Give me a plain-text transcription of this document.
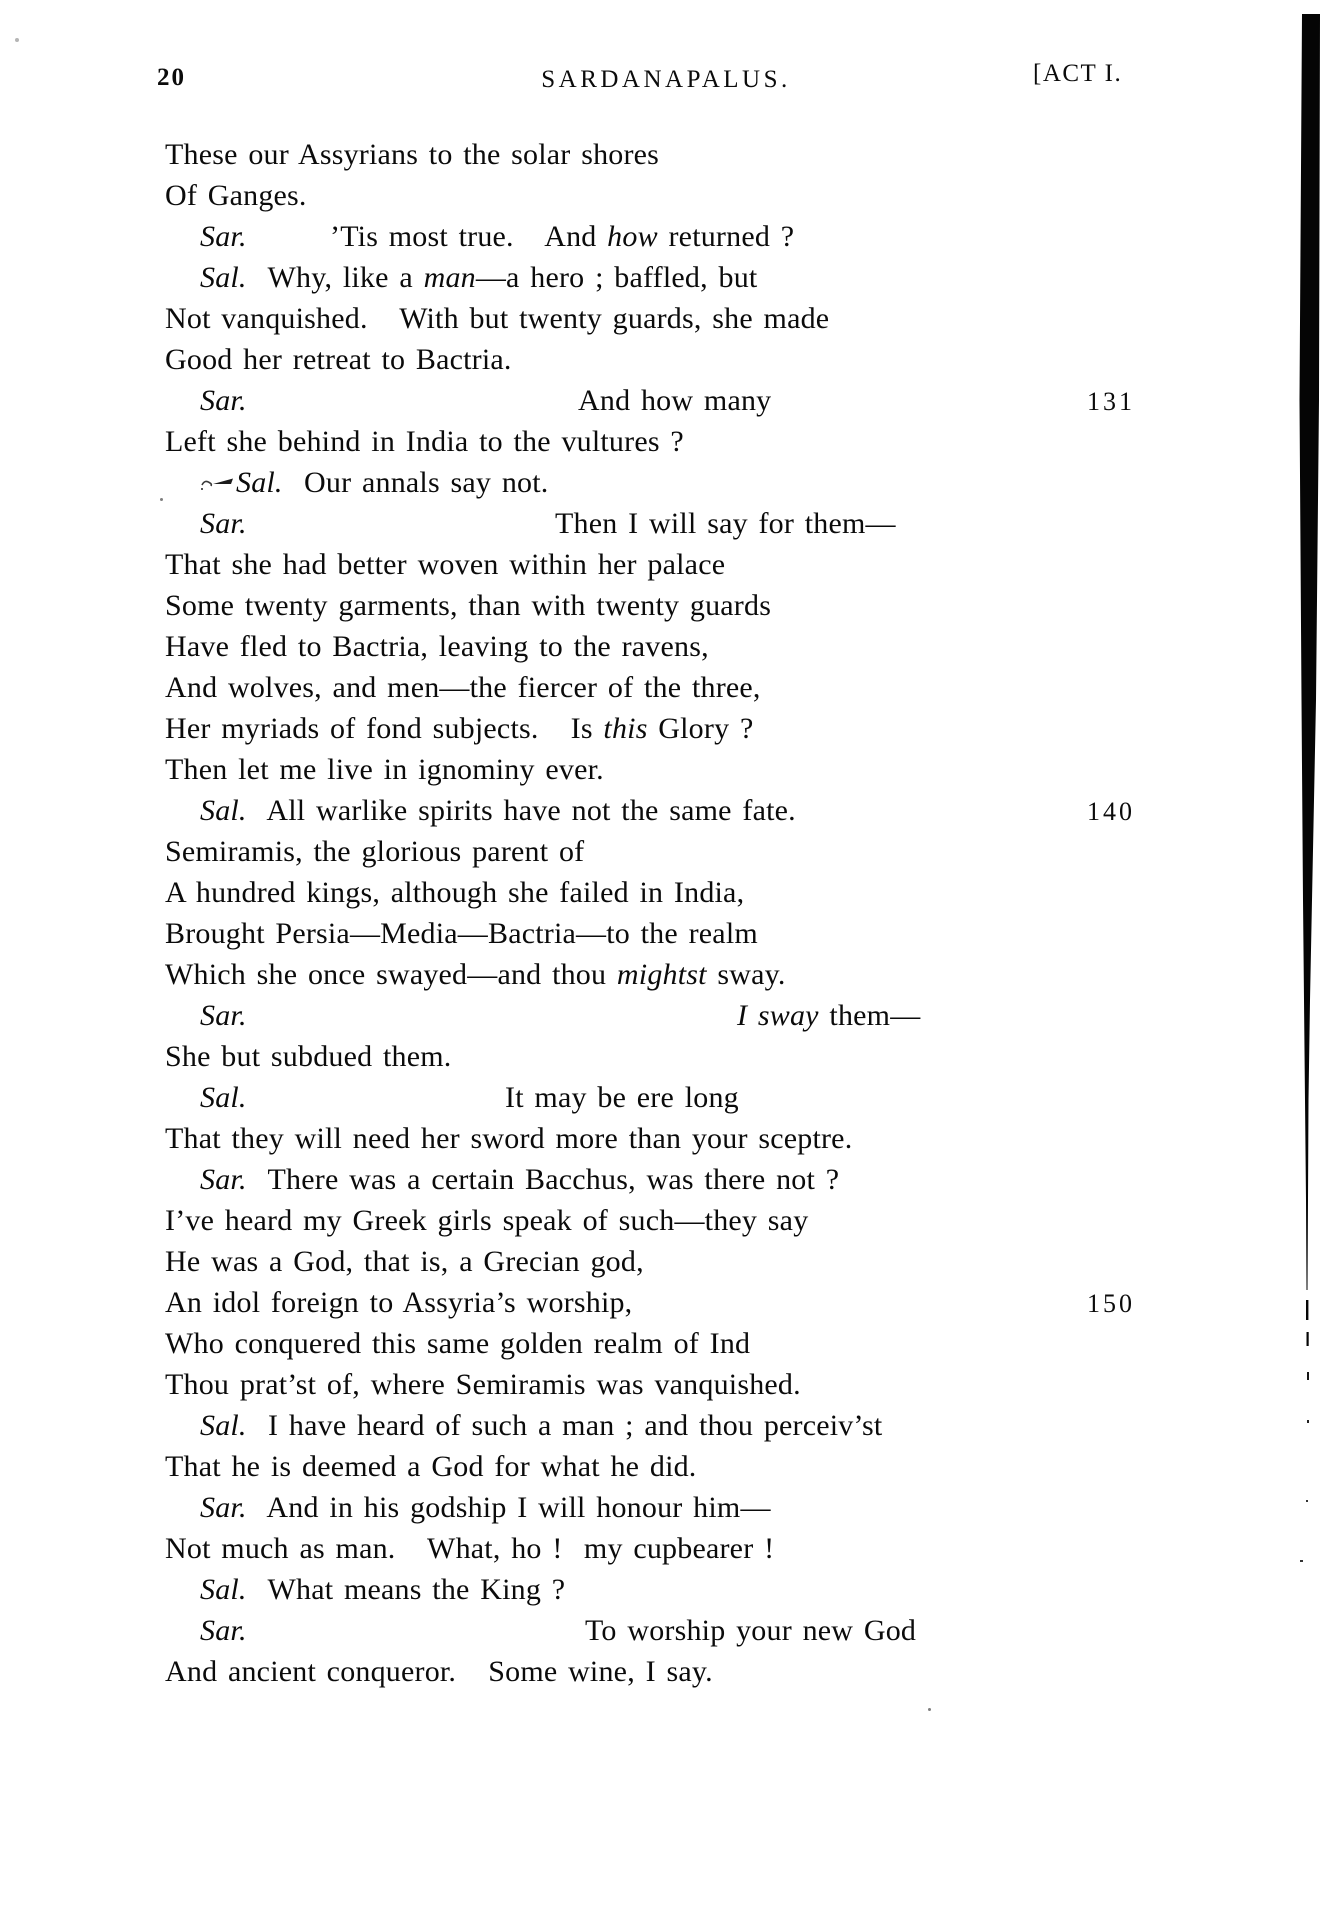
20	SARDANAPALUS.	[ACT I.
These our Assyrians to the solar shores
Of Ganges.
Sar.	’Tis most true.   And how returned ?
Sal.  Why, like a man—a hero ; baffled, but
Not vanquished.   With but twenty guards, she made
Good her retreat to Bactria.
Sar.	And how many	131
Left she behind in India to the vultures ?
Sal.  Our annals say not.
Sar.	Then I will say for them—
That she had better woven within her palace
Some twenty garments, than with twenty guards
Have fled to Bactria, leaving to the ravens,
And wolves, and men—the fiercer of the three,
Her myriads of fond subjects.   Is this Glory ?
Then let me live in ignominy ever.
Sal.  All warlike spirits have not the same fate.	140
Semiramis, the glorious parent of
A hundred kings, although she failed in India,
Brought Persia—Media—Bactria—to the realm
Which she once swayed—and thou mightst sway.
Sar.	I sway them—
She but subdued them.
Sal.	It may be ere long
That they will need her sword more than your sceptre.
Sar.  There was a certain Bacchus, was there not ?
I’ve heard my Greek girls speak of such—they say
He was a God, that is, a Grecian god,
An idol foreign to Assyria’s worship,	150
Who conquered this same golden realm of Ind
Thou prat’st of, where Semiramis was vanquished.
Sal.  I have heard of such a man ; and thou perceiv’st
That he is deemed a God for what he did.
Sar.  And in his godship I will honour him—
Not much as man.   What, ho !  my cupbearer !
Sal.  What means the King ?
Sar.	To worship your new God
And ancient conqueror.   Some wine, I say.
